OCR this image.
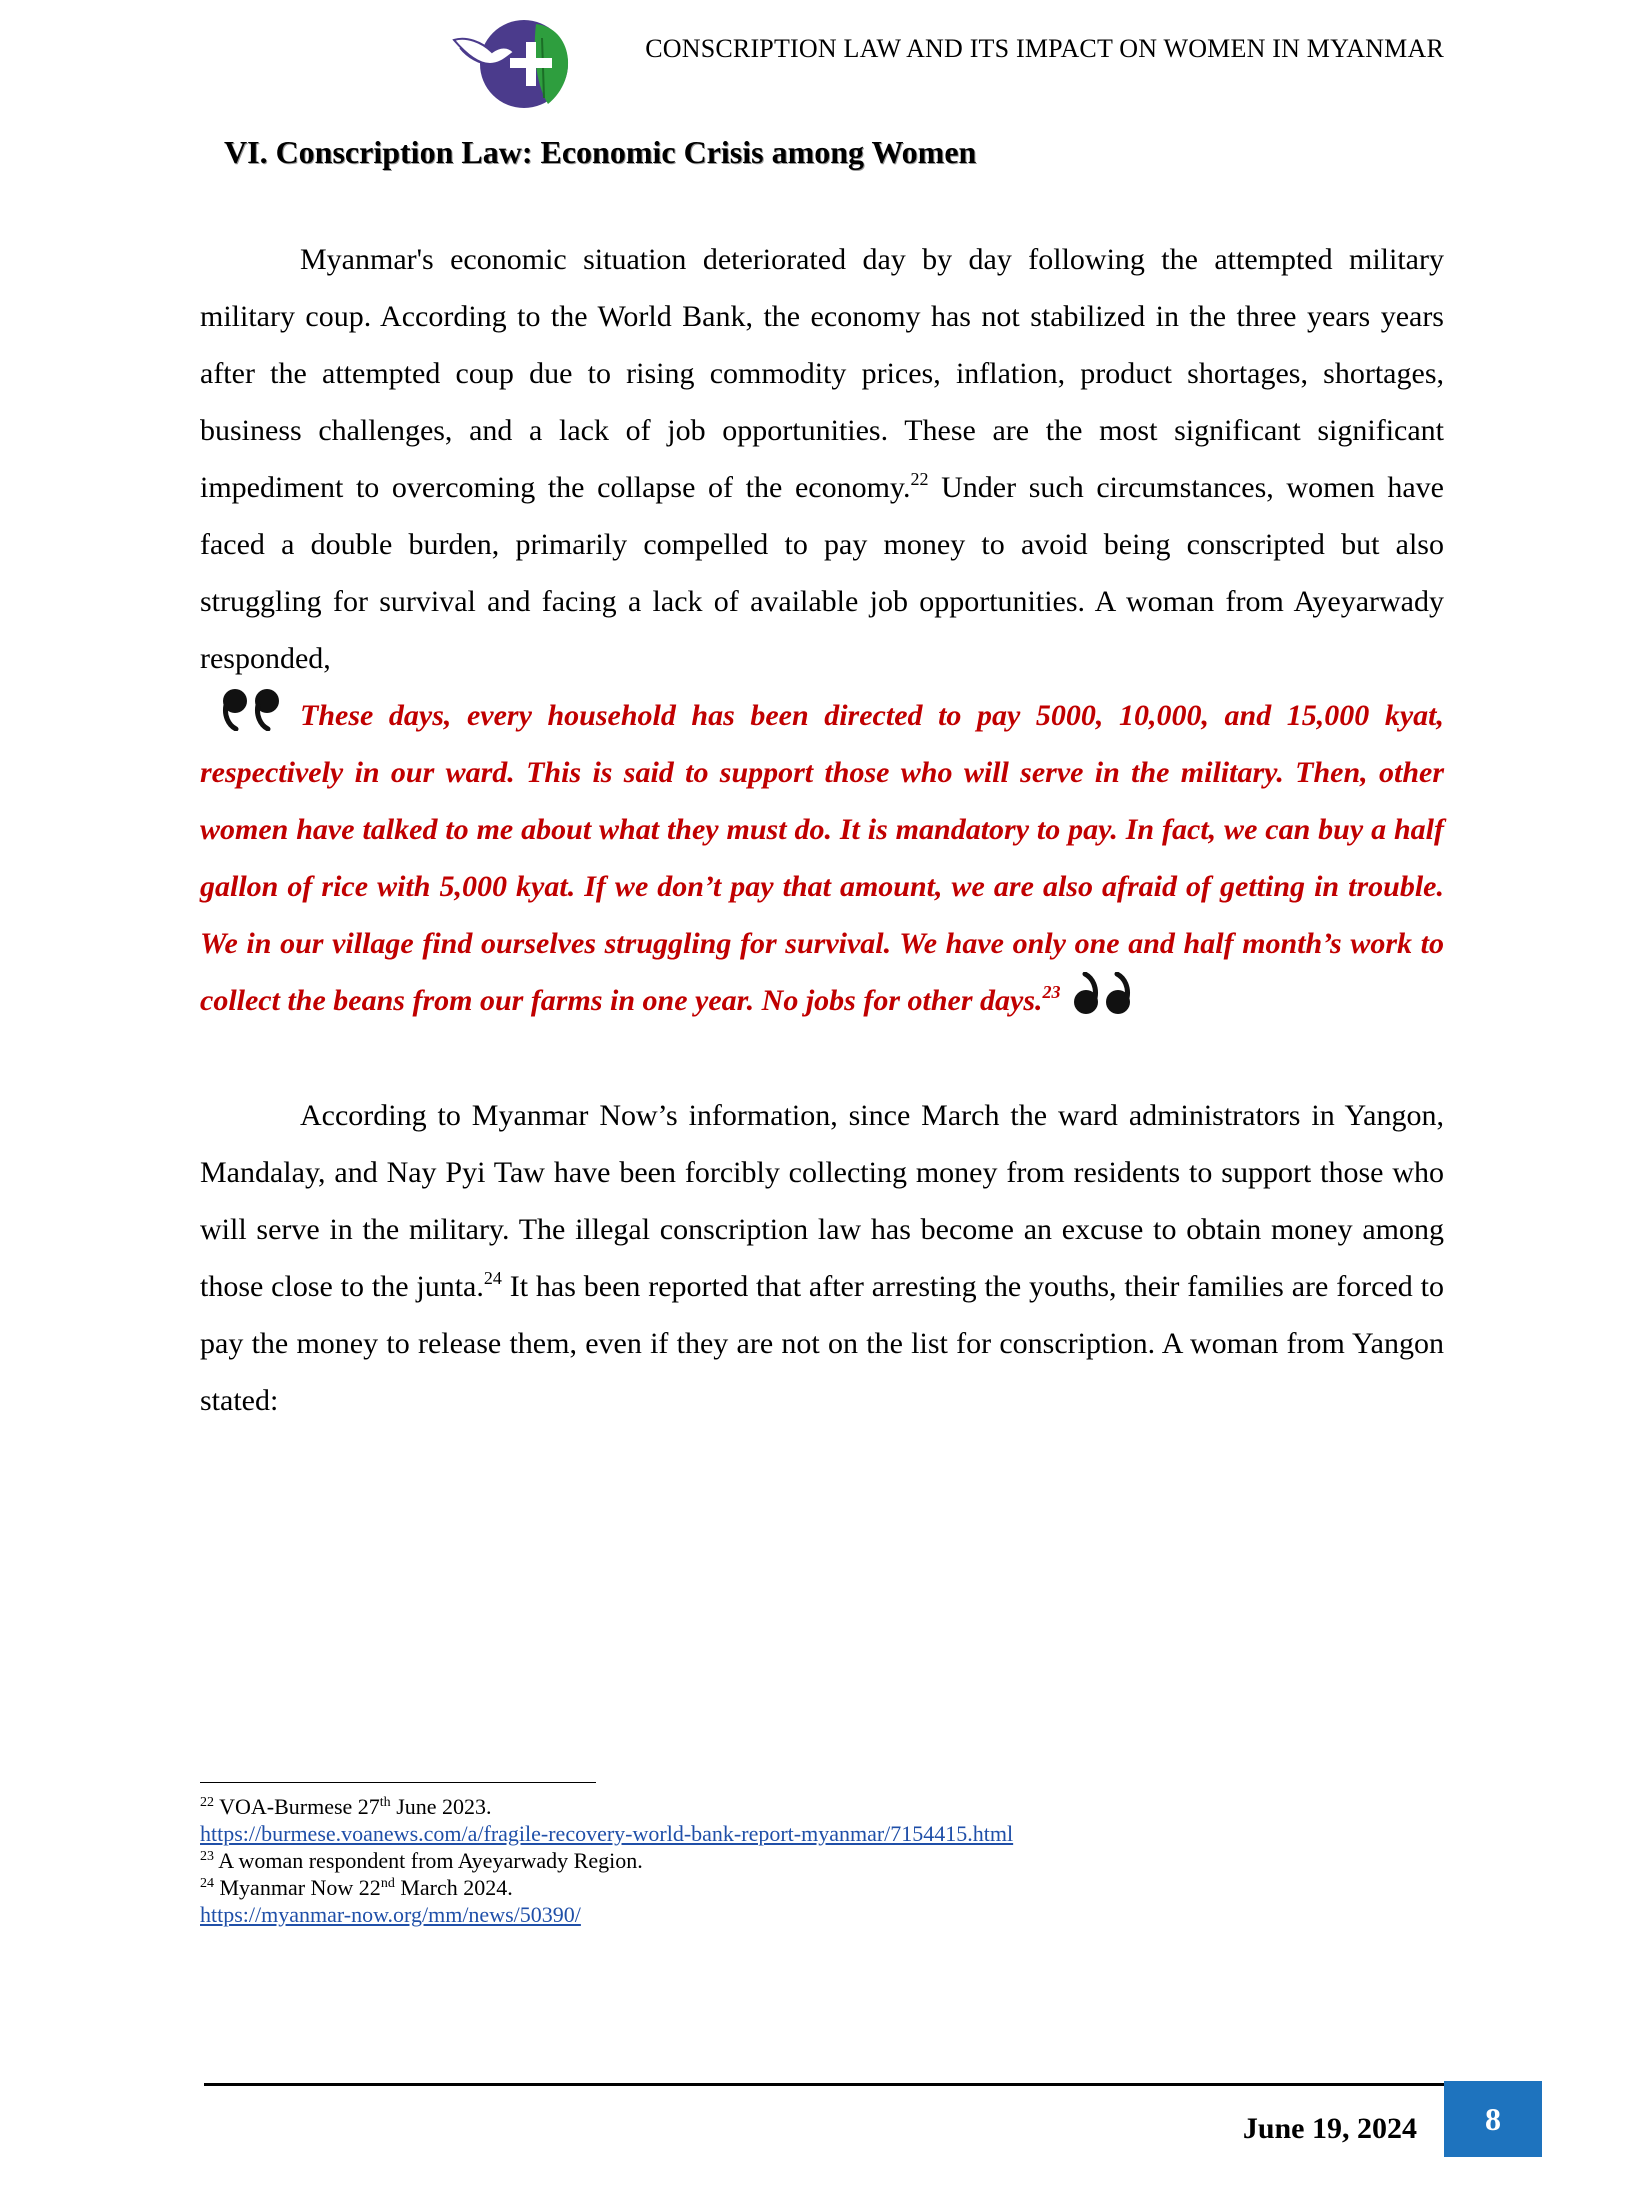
CONSCRIPTION LAW AND ITS IMPACT ON WOMEN IN MYANMAR
VI. Conscription Law: Economic Crisis among Women
Myanmar's economic situation deteriorated day by day following the attempted military military coup. According to the World Bank, the economy has not stabilized in the three years years after the attempted coup due to rising commodity prices, inflation, product shortages, shortages, business challenges, and a lack of job opportunities. These are the most significant significant impediment to overcoming the collapse of the economy.$^{22}$ Under such circumstances, women have faced a double burden, primarily compelled to pay money to avoid being conscripted but also struggling for survival and facing a lack of available job opportunities. A woman from Ayeyarwady responded,
These days, every household has been directed to pay 5000, 10,000, and 15,000 kyat, respectively in our ward. This is said to support those who will serve in the military. Then, other women have talked to me about what they must do. It is mandatory to pay. In fact, we can buy a half gallon of rice with 5,000 kyat. If we don’t pay that amount, we are also afraid of getting in trouble. We in our village find ourselves struggling for survival. We have only one and half month’s work to collect the beans from our farms in one year. No jobs for other days.$^{23}$
According to Myanmar Now’s information, since March the ward administrators in Yangon, Mandalay, and Nay Pyi Taw have been forcibly collecting money from residents to support those who will serve in the military. The illegal conscription law has become an excuse to obtain money among those close to the junta.$^{24}$ It has been reported that after arresting the youths, their families are forced to pay the money to release them, even if they are not on the list for conscription. A woman from Yangon stated:
$^{22}$ VOA-Burmese 27th June 2023.
https://burmese.voanews.com/a/fragile-recovery-world-bank-report-myanmar/7154415.html
$^{23}$ A woman respondent from Ayeyarwady Region.
$^{24}$ Myanmar Now 22nd March 2024.
https://myanmar-now.org/mm/news/50390/
June 19, 2024	8
